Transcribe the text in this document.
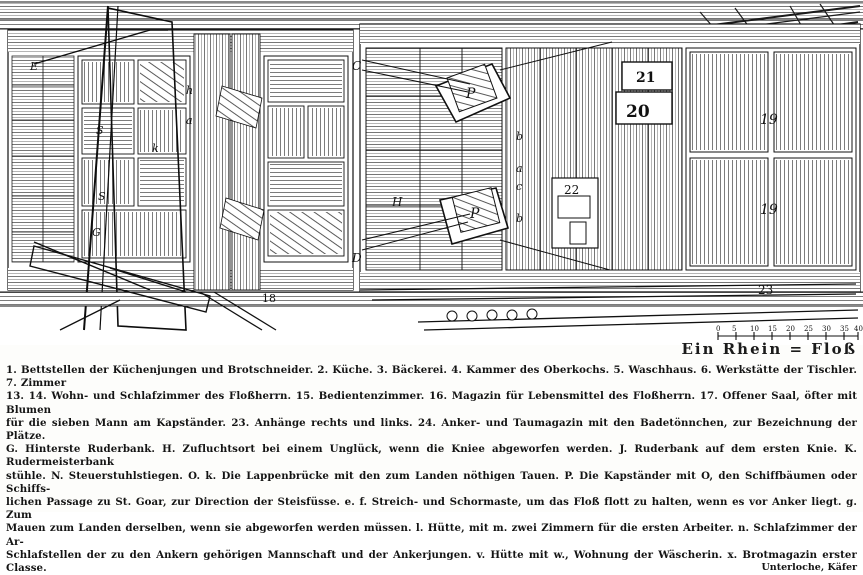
0 5 10 15 20 25 30 35 40
21
20	19
19
22
23
18
E
S
S
G
a
h
k
H
C
D
P
P
b
a
c
b
Ein Rhein = Floß
1. Bettstellen der Küchenjungen und Brotschneider. 2. Küche. 3. Bäckerei. 4. Kammer des Oberkochs. 5. Waschhaus. 6. Werkstätte der Tischler. 7. Zimmer
13. 14. Wohn- und Schlafzimmer des Floßherrn. 15. Bedientenzimmer. 16. Magazin für Lebensmittel des Floßherrn. 17. Offener Saal, öfter mit Blumen
für die sieben Mann am Kapständer. 23. Anhänge rechts und links. 24. Anker- und Taumagazin mit den Badetönnchen, zur Bezeichnung der Plätze.
G. Hinterste Ruderbank. H. Zufluchtsort bei einem Unglück, wenn die Kniee abgeworfen werden. J. Ruderbank auf dem ersten Knie. K. Rudermeisterbank
stühle. N. Steuerstuhlstiegen. O. k. Die Lappenbrücke mit den zum Landen nöthigen Tauen. P. Die Kapständer mit O, den Schiffbäumen oder Schiffs-
lichen Passage zu St. Goar, zur Direction der Steisfüsse. e. f. Streich- und Schormaste, um das Floß flott zu halten, wenn es vor Anker liegt. g. Zum
Mauen zum Landen derselben, wenn sie abgeworfen werden müssen. l. Hütte, mit m. zwei Zimmern für die ersten Arbeiter. n. Schlafzimmer der Ar-
Schlafstellen der zu den Ankern gehörigen Mannschaft und der Ankerjungen. v. Hütte mit w., Wohnung der Wäscherin. x. Brotmagazin erster Classe.	Unterloche, Käfer
